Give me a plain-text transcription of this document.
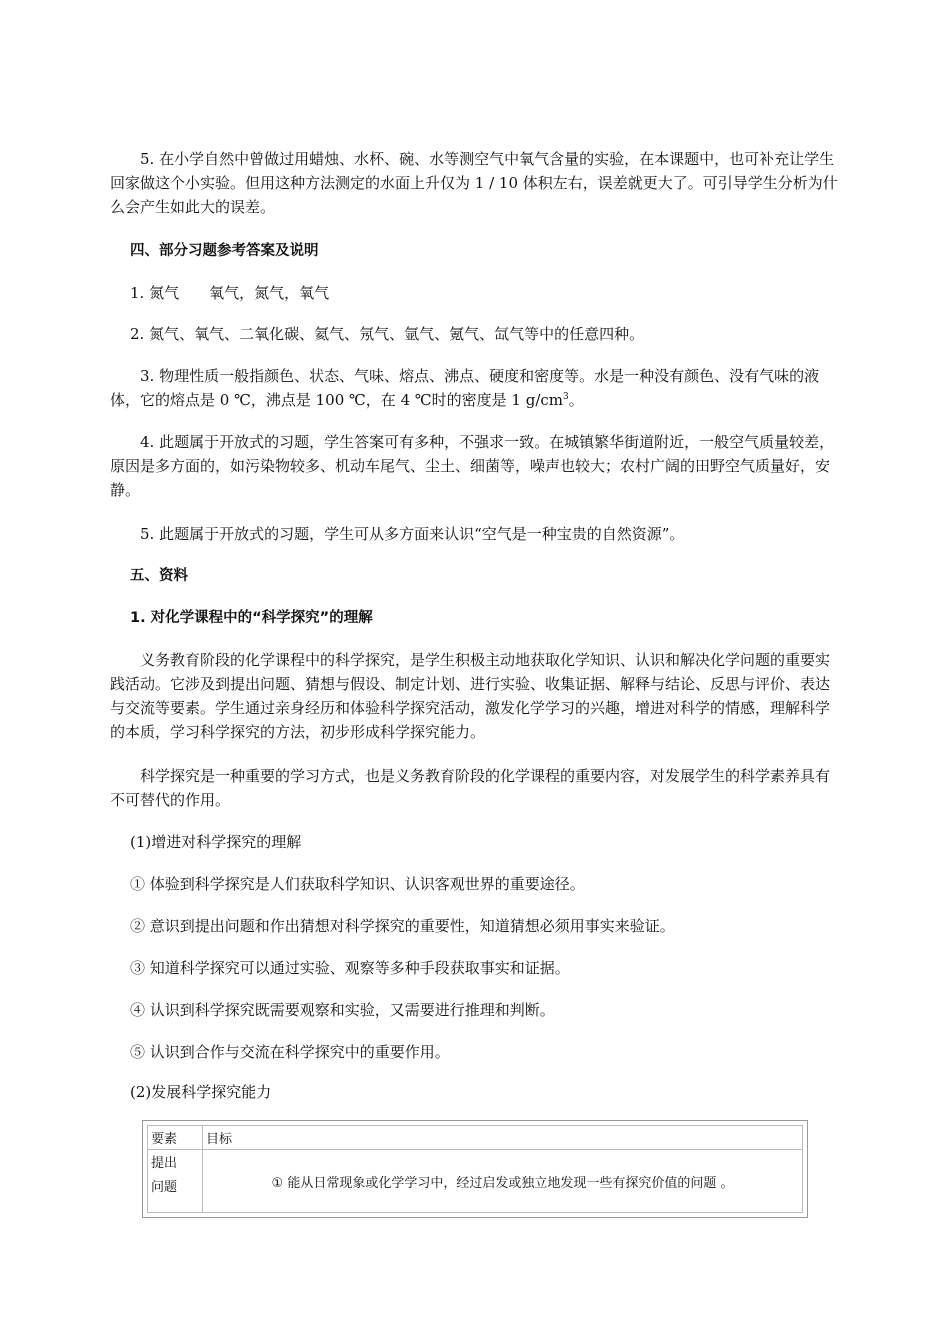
5. 在小学自然中曾做过用蜡烛、水杯、碗、水等测空气中氧气含量的实验，在本课题中，也可补充让学生回家做这个小实验。但用这种方法测定的水面上升仅为 1 / 10 体积左右，误差就更大了。可引导学生分析为什么会产生如此大的误差。

四、部分习题参考答案及说明

1. 氮气　　氧气，氮气，氧气

2. 氮气、氧气、二氧化碳、氦气、氖气、氩气、氪气、氙气等中的任意四种。

3. 物理性质一般指颜色、状态、气味、熔点、沸点、硬度和密度等。水是一种没有颜色、没有气味的液体，它的熔点是 0 ℃，沸点是 100 ℃，在 4 ℃时的密度是 1 $g/cm^3$。

4. 此题属于开放式的习题，学生答案可有多种，不强求一致。在城镇繁华街道附近，一般空气质量较差，原因是多方面的，如污染物较多、机动车尾气、尘土、细菌等，噪声也较大；农村广阔的田野空气质量好，安静。

5. 此题属于开放式的习题，学生可从多方面来认识“空气是一种宝贵的自然资源”。

五、资料

1. 对化学课程中的“科学探究”的理解

义务教育阶段的化学课程中的科学探究，是学生积极主动地获取化学知识、认识和解决化学问题的重要实践活动。它涉及到提出问题、猜想与假设、制定计划、进行实验、收集证据、解释与结论、反思与评价、表达与交流等要素。学生通过亲身经历和体验科学探究活动，激发化学学习的兴趣，增进对科学的情感，理解科学的本质，学习科学探究的方法，初步形成科学探究能力。

科学探究是一种重要的学习方式，也是义务教育阶段的化学课程的重要内容，对发展学生的科学素养具有不可替代的作用。

(1)增进对科学探究的理解

① 体验到科学探究是人们获取科学知识、认识客观世界的重要途径。

② 意识到提出问题和作出猜想对科学探究的重要性，知道猜想必须用事实来验证。

③ 知道科学探究可以通过实验、观察等多种手段获取事实和证据。

④ 认识到科学探究既需要观察和实验，又需要进行推理和判断。

⑤ 认识到合作与交流在科学探究中的重要作用。

(2)发展科学探究能力

要素	目标

提出
问题	① 能从日常现象或化学学习中，经过启发或独立地发现一些有探究价值的问题 。
